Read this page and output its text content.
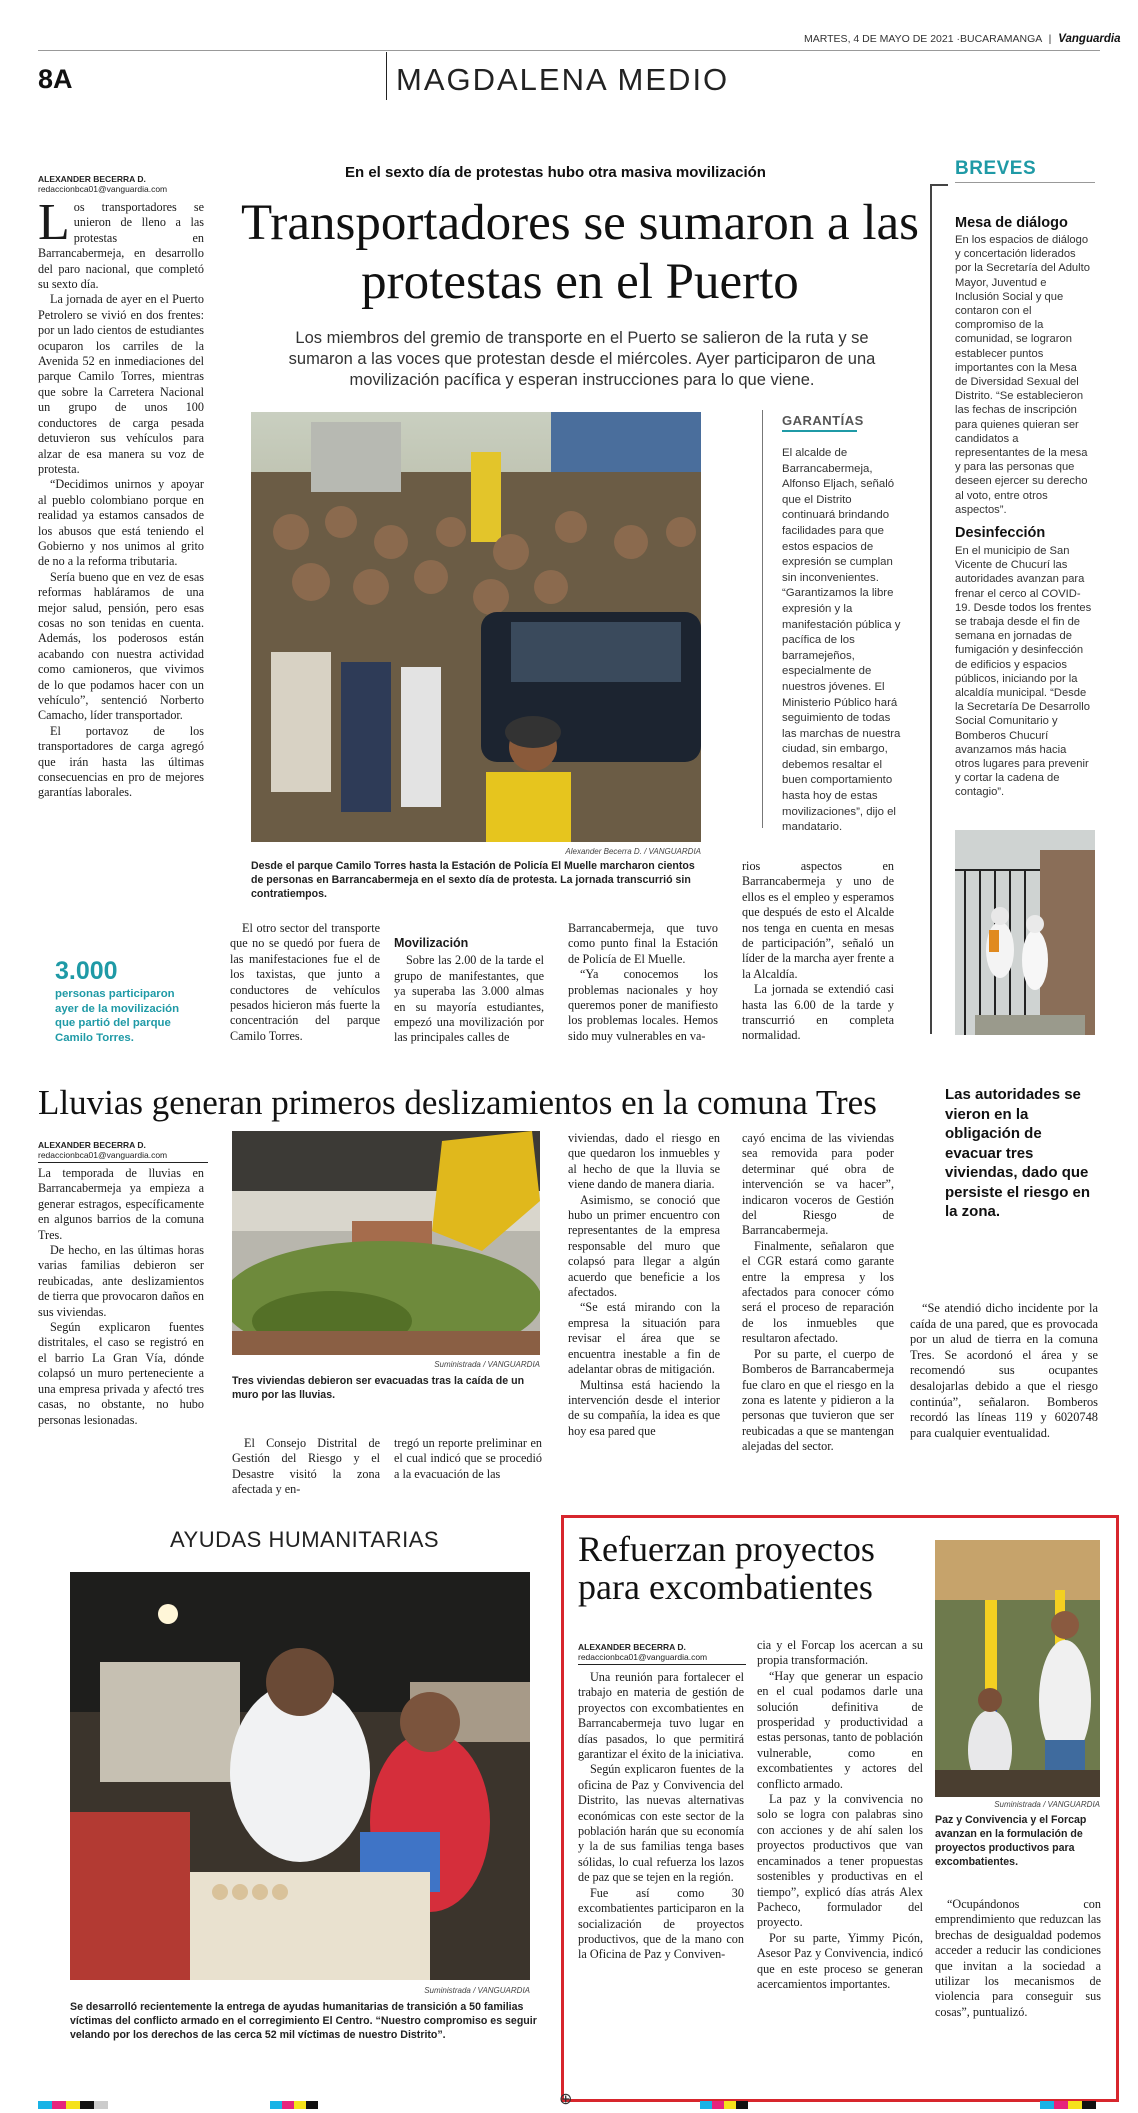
MARTES, 4 DE MAYO DE 2021 ·BUCARAMANGA | Vanguardia
8A	MAGDALENA MEDIO
ALEXANDER BECERRA D.
redaccionbca01@vanguardia.com
En el sexto día de protestas hubo otra masiva movilización
Transportadores se sumaron a las protestas en el Puerto
Los miembros del gremio de transporte en el Puerto se salieron de la ruta y se sumaron a las voces que protestan desde el miércoles. Ayer participaron de una movilización pacífica y esperan instrucciones para lo que viene.

Los transportadores se unieron de lleno a las protestas en Barrancabermeja, en desarrollo del paro nacional, que completó su sexto día.

La jornada de ayer en el Puerto Petrolero se vivió en dos frentes: por un lado cientos de estudiantes ocuparon los carriles de la Avenida 52 en inmediaciones del parque Camilo Torres, mientras que sobre la Carretera Nacional un grupo de unos 100 conductores de carga pesada detuvieron sus vehículos para alzar de esa manera su voz de protesta.

“Decidimos unirnos y apoyar al pueblo colombiano porque en realidad ya estamos cansados de los abusos que está teniendo el Gobierno y nos unimos al grito de no a la reforma tributaria.

Sería bueno que en vez de esas reformas habláramos de una mejor salud, pensión, pero esas cosas no son tenidas en cuenta. Además, los poderosos están acabando con nuestra actividad como camioneros, que vivimos de lo que podamos hacer con un vehículo”, sentenció Norberto Camacho, líder transportador.

El portavoz de los transportadores de carga agregó que irán hasta las últimas consecuencias en pro de mejores garantías laborales.

Alexander Becerra D. / VANGUARDIA
Desde el parque Camilo Torres hasta la Estación de Policía El Muelle marcharon cientos de personas en Barrancabermeja en el sexto día de protesta. La jornada transcurrió sin contratiempos.
GARANTÍAS
El alcalde de Barrancabermeja, Alfonso Eljach, señaló que el Distrito continuará brindando facilidades para que estos espacios de expresión se cumplan sin inconvenientes. “Garantizamos la libre expresión y la manifestación pública y pacífica de los barramejeños, especialmente de nuestros jóvenes. El Ministerio Público hará seguimiento de todas las marchas de nuestra ciudad, sin embargo, debemos resaltar el buen comportamiento hasta hoy de estas movilizaciones”, dijo el mandatario.
3.000
personas participaron ayer de la movilización que partió del parque Camilo Torres.

El otro sector del transporte que no se quedó por fuera de las manifestaciones fue el de los taxistas, que junto a conductores de vehículos pesados hicieron más fuerte la concentración del parque Camilo Torres.

Movilización

Sobre las 2.00 de la tarde el grupo de manifestantes, que ya superaba las 3.000 almas en su mayoría estudiantes, empezó una movilización por las principales calles de

Barrancabermeja, que tuvo como punto final la Estación de Policía de El Muelle.

“Ya conocemos los problemas nacionales y hoy queremos poner de manifiesto los problemas locales. Hemos sido muy vulnerables en va-

rios aspectos en Barrancabermeja y uno de ellos es el empleo y esperamos que después de esto el Alcalde nos tenga en cuenta en mesas de participación”, señaló un líder de la marcha ayer frente a la Alcaldía.

La jornada se extendió casi hasta las 6.00 de la tarde y transcurrió en completa normalidad.

BREVES
Mesa de diálogo
En los espacios de diálogo y concertación liderados por la Secretaría del Adulto Mayor, Juventud e Inclusión Social y que contaron con el compromiso de la comunidad, se lograron establecer puntos importantes con la Mesa de Diversidad Sexual del Distrito. “Se establecieron las fechas de inscripción para quienes quieran ser candidatos a representantes de la mesa y para las personas que deseen ejercer su derecho al voto, entre otros aspectos”.
Desinfección
En el municipio de San Vicente de Chucurí las autoridades avanzan para frenar el cerco al COVID-19. Desde todos los frentes se trabaja desde el fin de semana en jornadas de fumigación y desinfección de edificios y espacios públicos, iniciando por la alcaldía municipal. “Desde la Secretaría De Desarrollo Social Comunitario y Bomberos Chucurí avanzamos más hacia otros lugares para prevenir y cortar la cadena de contagio”.
Lluvias generan primeros deslizamientos en la comuna Tres
ALEXANDER BECERRA D.
redaccionbca01@vanguardia.com

La temporada de lluvias en Barrancabermeja ya empieza a generar estragos, específicamente en algunos barrios de la comuna Tres.

De hecho, en las últimas horas varias familias debieron ser reubicadas, ante deslizamientos de tierra que provocaron daños en sus viviendas.

Según explicaron fuentes distritales, el caso se registró en el barrio La Gran Vía, dónde colapsó un muro perteneciente a una empresa privada y afectó tres casas, no obstante, no hubo personas lesionadas.

Suministrada / VANGUARDIA
Tres viviendas debieron ser evacuadas tras la caída de un muro por las lluvias.

El Consejo Distrital de Gestión del Riesgo y el Desastre visitó la zona afectada y en-

tregó un reporte preliminar en el cual indicó que se procedió a la evacuación de las

viviendas, dado el riesgo en que quedaron los inmuebles y al hecho de que la lluvia se viene dando de manera diaria.

Asimismo, se conoció que hubo un primer encuentro con representantes de la empresa responsable del muro que colapsó para llegar a algún acuerdo que beneficie a los afectados.

“Se está mirando con la empresa la situación para revisar el área que se encuentra inestable a fin de adelantar obras de mitigación.

Multinsa está haciendo la intervención desde el interior de su compañía, la idea es que hoy esa pared que

cayó encima de las viviendas sea removida para poder determinar qué obra de intervención se va hacer”, indicaron voceros de Gestión del Riesgo de Barrancabermeja.

Finalmente, señalaron que el CGR estará como garante entre la empresa y los afectados para conocer cómo será el proceso de reparación de los inmuebles que resultaron afectado.

Por su parte, el cuerpo de Bomberos de Barrancabermeja fue claro en que el riesgo en la zona es latente y pidieron a la personas que tuvieron que ser reubicadas a que se mantengan alejadas del sector.

Las autoridades se vieron en la obligación de evacuar tres viviendas, dado que persiste el riesgo en la zona.

“Se atendió dicho incidente por la caída de una pared, que es provocada por un alud de tierra en la comuna Tres. Se acordonó el área y se recomendó sus ocupantes desalojarlas debido a que el riesgo continúa”, señalaron. Bomberos recordó las líneas 119 y 6020748 para cualquier eventualidad.

AYUDAS HUMANITARIAS
Suministrada / VANGUARDIA
Se desarrolló recientemente la entrega de ayudas humanitarias de transición a 50 familias víctimas del conflicto armado en el corregimiento El Centro. “Nuestro compromiso es seguir velando por los derechos de las cerca 52 mil víctimas de nuestro Distrito”.
Refuerzan proyectos para excombatientes
ALEXANDER BECERRA D.
redaccionbca01@vanguardia.com

Una reunión para fortalecer el trabajo en materia de gestión de proyectos con excombatientes en Barrancabermeja tuvo lugar en días pasados, lo que permitirá garantizar el éxito de la iniciativa.

Según explicaron fuentes de la oficina de Paz y Convivencia del Distrito, las nuevas alternativas económicas con este sector de la población harán que su economía y la de sus familias tenga bases sólidas, lo cual refuerza los lazos de paz que se tejen en la región.

Fue así como 30 excombatientes participaron en la socialización de proyectos productivos, que de la mano con la Oficina de Paz y Conviven-

cia y el Forcap los acercan a su propia transformación.

“Hay que generar un espacio en el cual podamos darle una solución definitiva de prosperidad y productividad a estas personas, tanto de población vulnerable, como en excombatientes y actores del conflicto armado.

La paz y la convivencia no solo se logra con palabras sino con acciones y de ahí salen los proyectos productivos que van encaminados a tener propuestas sostenibles y productivas en el tiempo”, explicó días atrás Alex Pacheco, formulador del proyecto.

Por su parte, Yimmy Picón, Asesor Paz y Convivencia, indicó que en este proceso se generan acercamientos importantes.

Suministrada / VANGUARDIA
Paz y Convivencia y el Forcap avanzan en la formulación de proyectos productivos para excombatientes.

“Ocupándonos con emprendimiento que reduzcan las brechas de desigualdad podemos acceder a reducir las condiciones que invitan a la sociedad a utilizar los mecanismos de violencia para conseguir sus cosas”, puntualizó.

⊕
